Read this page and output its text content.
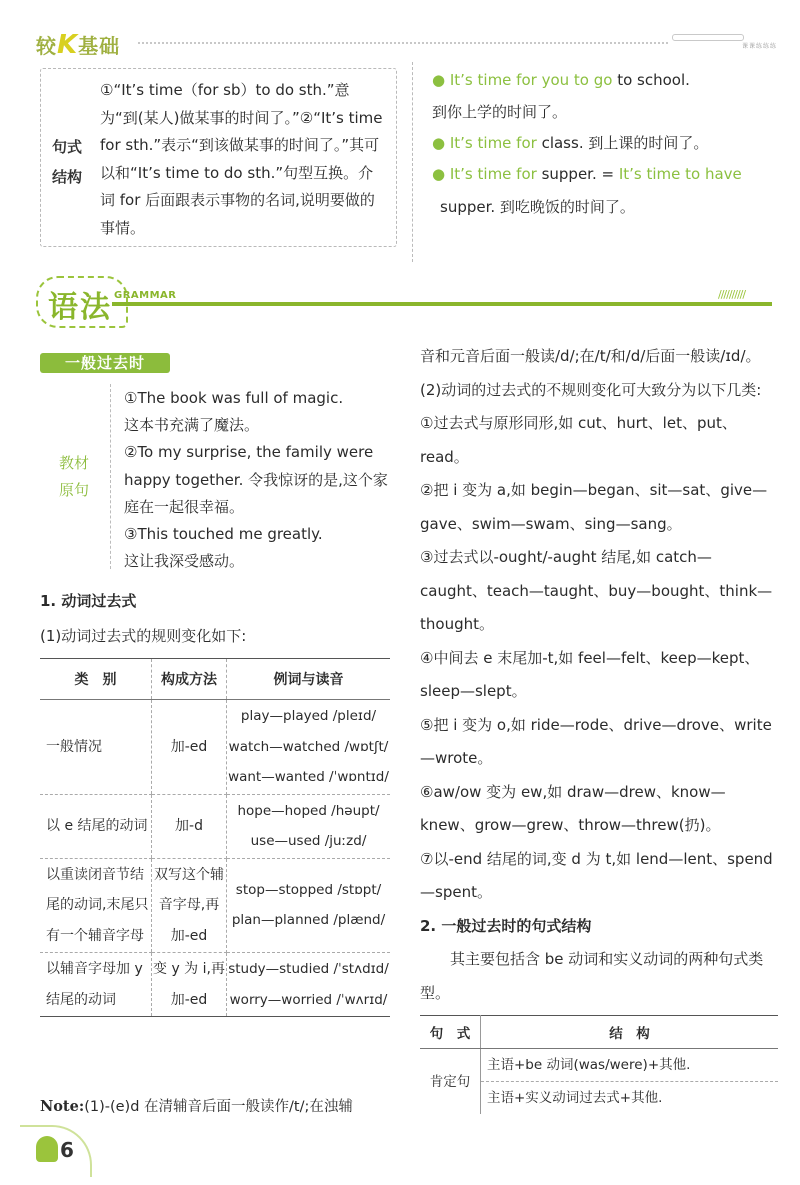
较K基础	课课练练练
句式
结构
①“It’s time（for sb）to do sth.”意为“到(某人)做某事的时间了。”②“It’s time for sth.”表示“到该做某事的时间了。”其可以和“It’s time to do sth.”句型互换。介词 for 后面跟表示事物的名词,说明要做的事情。
● It’s time for you to go to school.
到你上学的时间了。
● It’s time for class. 到上课的时间了。
● It’s time for supper. = It’s time to have
supper. 到吃晚饭的时间了。
语法 GRAMMAR	//////////
一般过去时
教材
原句
①The book was full of magic.
这本书充满了魔法。
②To my surprise, the family were happy together. 令我惊讶的是,这个家庭在一起很幸福。
③This touched me greatly.
这让我深受感动。
1. 动词过去式
(1)动词过去式的规则变化如下:
类　别	构成方法	例词与读音
一般情况	加-ed	play—played /pleɪd/
watch—watched /wɒtʃt/
want—wanted /ˈwɒntɪd/

以 e 结尾的动词	加-d	hope—hoped /həupt/
use—used /juːzd/

以重读闭音节结尾的动词,末尾只有一个辅音字母	双写这个辅音字母,再加-ed	stop—stopped /stɒpt/
plan—planned /plænd/

以辅音字母加 y 结尾的动词	变 y 为 i,再加-ed	study—studied /ˈstʌdɪd/
worry—worried /ˈwʌrɪd/
Note:(1)-(e)d 在清辅音后面一般读作/t/;在浊辅

音和元音后面一般读/d/;在/t/和/d/后面一般读/ɪd/。

(2)动词的过去式的不规则变化可大致分为以下几类:

①过去式与原形同形,如 cut、hurt、let、put、read。

②把 i 变为 a,如 begin—began、sit—sat、give—gave、swim—swam、sing—sang。

③过去式以-ought/-aught 结尾,如 catch—caught、teach—taught、buy—bought、think—thought。

④中间去 e 末尾加-t,如 feel—felt、keep—kept、sleep—slept。

⑤把 i 变为 o,如 ride—rode、drive—drove、write—wrote。

⑥aw/ow 变为 ew,如 draw—drew、know—knew、grow—grew、throw—threw(扔)。

⑦以-end 结尾的词,变 d 为 t,如 lend—lent、spend—spent。

2. 一般过去时的句式结构

其主要包括含 be 动词和实义动词的两种句式类型。

句　式	结　构
肯定句	主语+be 动词(was/were)+其他.
	主语+实义动词过去式+其他.
6
